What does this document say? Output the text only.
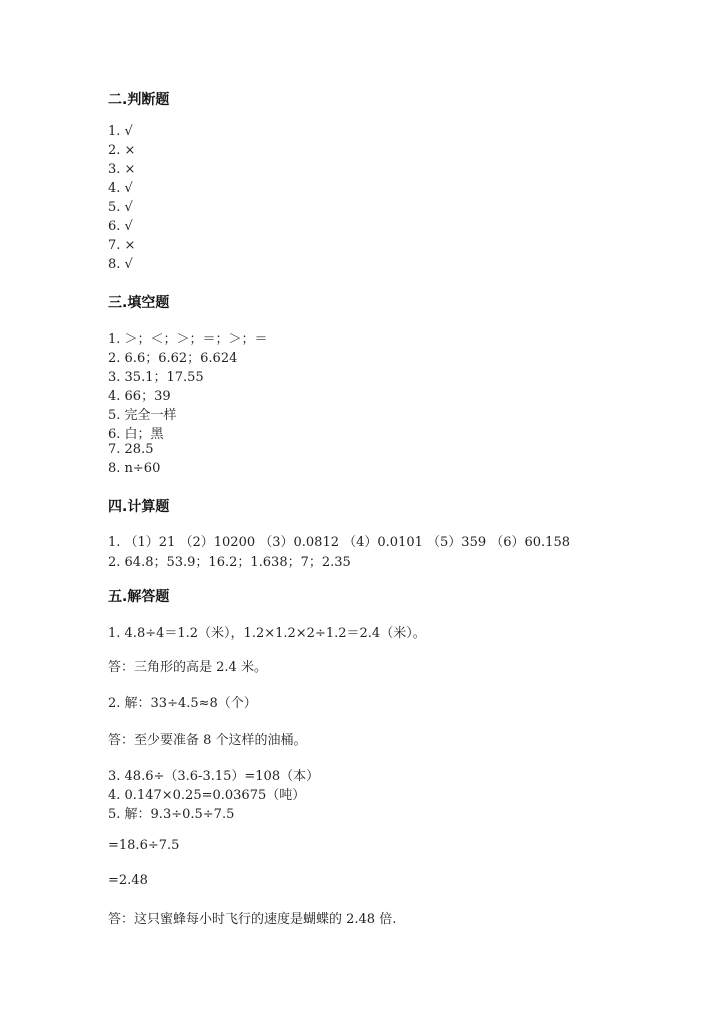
二.判断题
1. √
2. ×
3. ×
4. √
5. √
6. √
7. ×
8. √
三.填空题
1. ＞；＜；＞；＝；＞；＝
2. 6.6；6.62；6.624
3. 35.1；17.55
4. 66；39
5. 完全一样
6. 白；黑
7. 28.5
8. n÷60
四.计算题
1. （1）21 （2）10200 （3）0.0812 （4）0.0101 （5）359 （6）60.158
2. 64.8；53.9；16.2；1.638；7；2.35
五.解答题
1. 4.8÷4＝1.2（米），1.2×1.2×2÷1.2＝2.4（米）。
答：三角形的高是 2.4 米。
2. 解：33÷4.5≈8（个）
答：至少要准备 8 个这样的油桶。
3. 48.6÷（3.6-3.15）=108（本）
4. 0.147×0.25=0.03675（吨）
5. 解：9.3÷0.5÷7.5
=18.6÷7.5
=2.48
答：这只蜜蜂每小时飞行的速度是蝴蝶的 2.48 倍.
